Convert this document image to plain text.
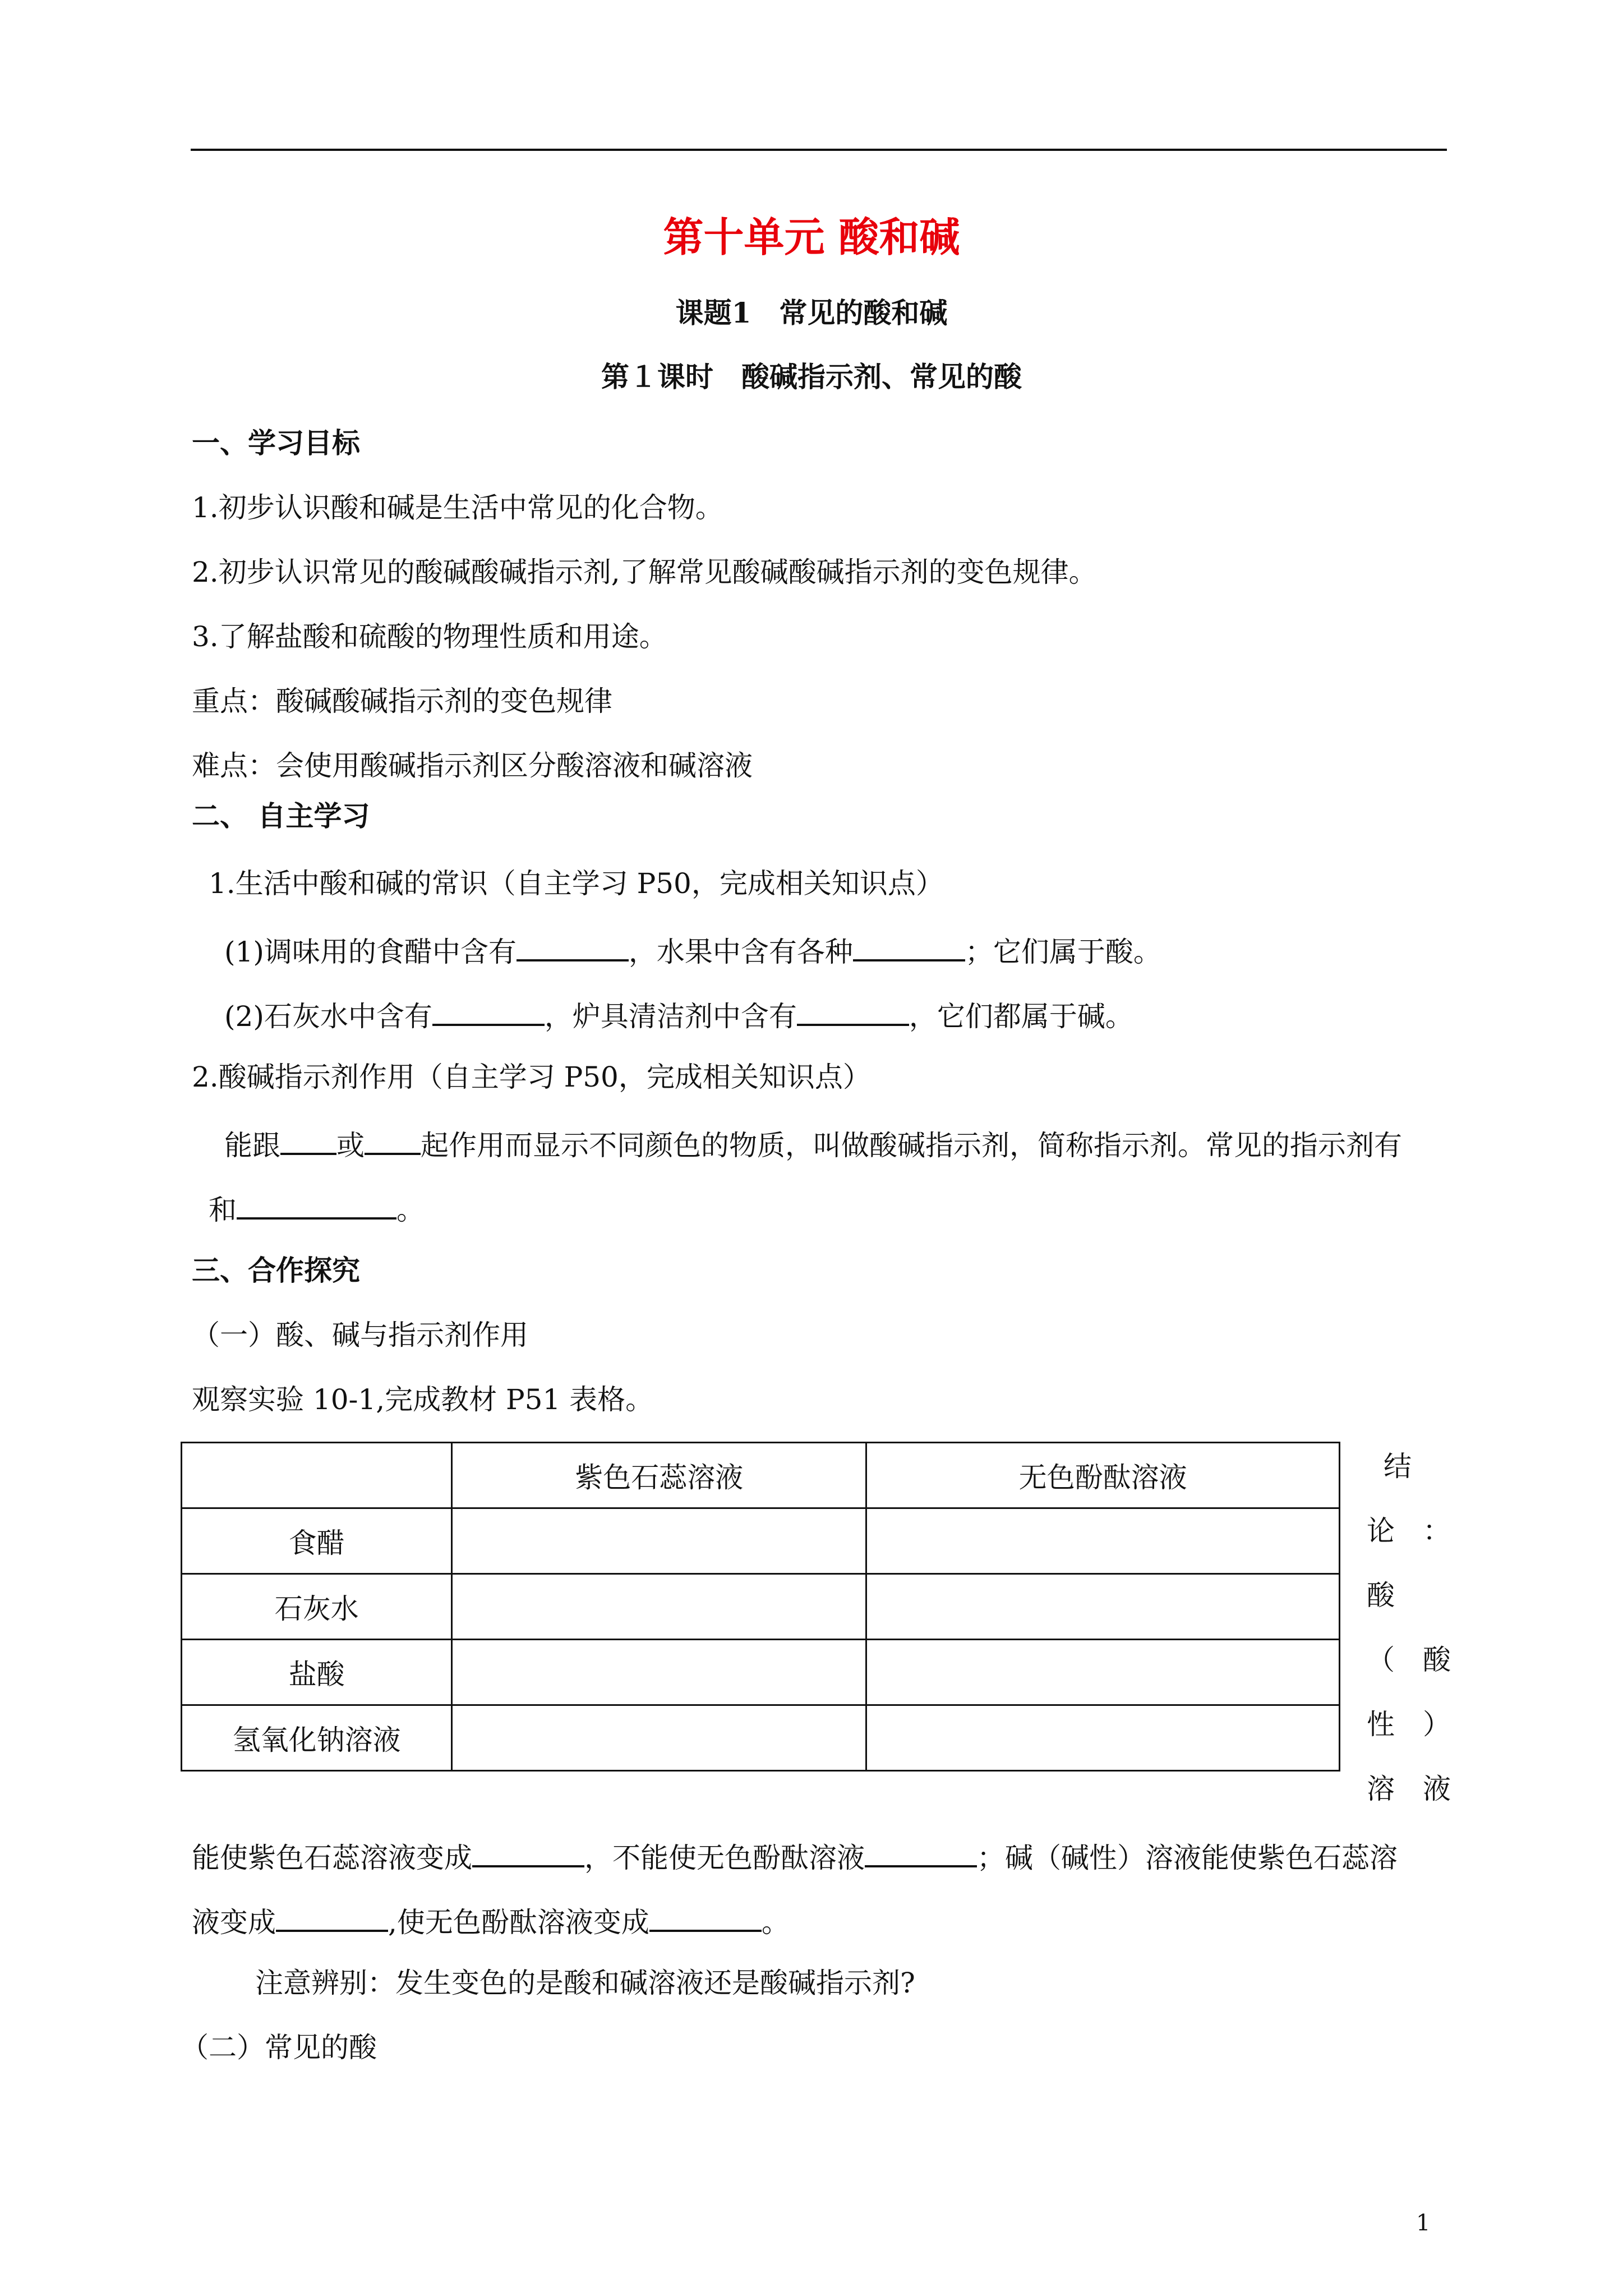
第十单元 酸和碱
课题1　常见的酸和碱
第１课时　酸碱指示剂、常见的酸
一、学习目标
1.初步认识酸和碱是生活中常见的化合物。
2.初步认识常见的酸碱酸碱指示剂,了解常见酸碱酸碱指示剂的变色规律。
3.了解盐酸和硫酸的物理性质和用途。
重点：酸碱酸碱指示剂的变色规律
难点：会使用酸碱指示剂区分酸溶液和碱溶液
二、 自主学习
1.生活中酸和碱的常识（自主学习 P50，完成相关知识点）
(1)调味用的食醋中含有	，水果中含有各种	；它们属于酸。
(2)石灰水中含有	，炉具清洁剂中含有	，它们都属于碱。
2.酸碱指示剂作用（自主学习 P50，完成相关知识点）
能跟 或 起作用而显示不同颜色的物质，叫做酸碱指示剂，简称指示剂。常见的指示剂有
和	。
三、合作探究
（一）酸、碱与指示剂作用
观察实验 10-1,完成教材 P51 表格。
	紫色石蕊溶液	无色酚酞溶液
食醋		
石灰水		
盐酸		
氢氧化钠溶液		
结
论　：
酸
（　酸
性　）
溶　液
能使紫色石蕊溶液变成	，不能使无色酚酞溶液	；碱（碱性）溶液能使紫色石蕊溶
液变成	,使无色酚酞溶液变成	。
注意辨别：发生变色的是酸和碱溶液还是酸碱指示剂?
（二）常见的酸
1
